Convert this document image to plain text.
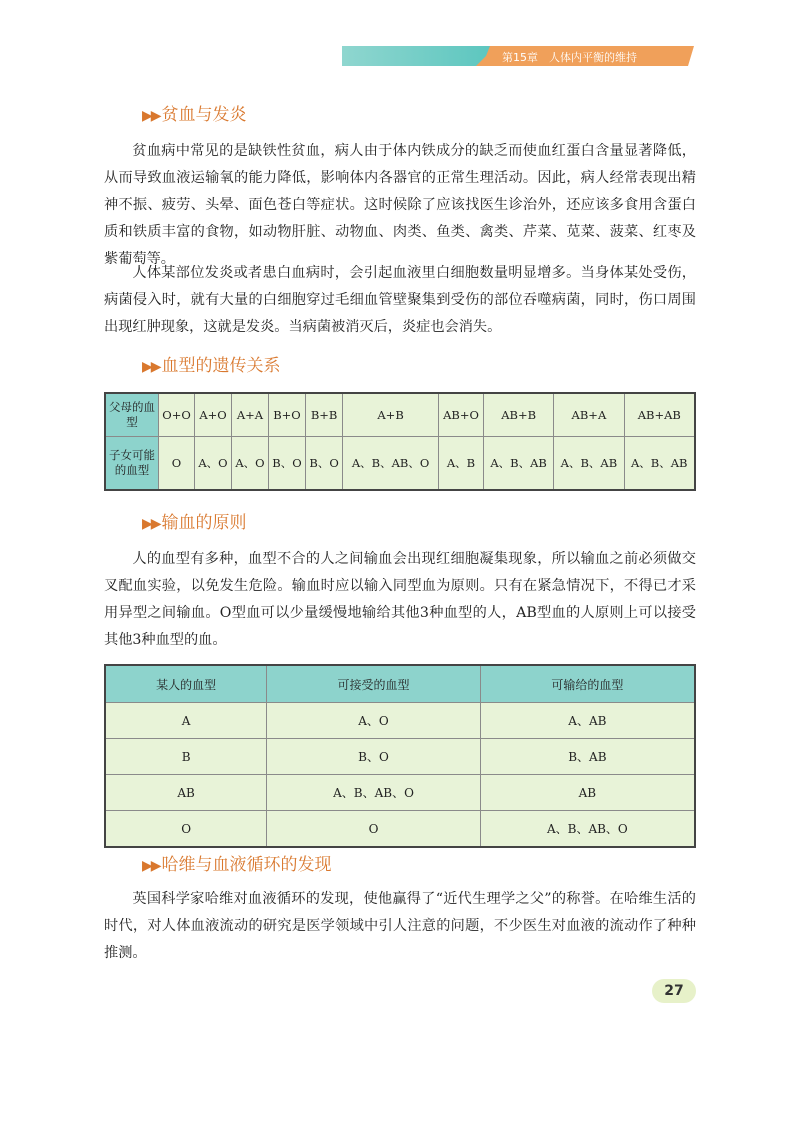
第15章　人体内平衡的维持
▶▶ 贫血与发炎

贫血病中常见的是缺铁性贫血，病人由于体内铁成分的缺乏而使血红蛋白含量显著降低，从而导致血液运输氧的能力降低，影响体内各器官的正常生理活动。因此，病人经常表现出精神不振、疲劳、头晕、面色苍白等症状。这时候除了应该找医生诊治外，还应该多食用含蛋白质和铁质丰富的食物，如动物肝脏、动物血、肉类、鱼类、禽类、芹菜、苋菜、菠菜、红枣及紫葡萄等。

人体某部位发炎或者患白血病时，会引起血液里白细胞数量明显增多。当身体某处受伤，病菌侵入时，就有大量的白细胞穿过毛细血管壁聚集到受伤的部位吞噬病菌，同时，伤口周围出现红肿现象，这就是发炎。当病菌被消灭后，炎症也会消失。

▶▶ 血型的遗传关系
父母的血型	O+O	A+O	A+A	B+O	B+B	A+B	AB+O	AB+B	AB+A	AB+AB
子女可能的血型	O	A、O	A、O	B、O	B、O	A、B、AB、O	A、B	A、B、AB	A、B、AB	A、B、AB
▶▶ 输血的原则

人的血型有多种，血型不合的人之间输血会出现红细胞凝集现象，所以输血之前必须做交叉配血实验，以免发生危险。输血时应以输入同型血为原则。只有在紧急情况下，不得已才采用异型之间输血。O型血可以少量缓慢地输给其他3种血型的人，AB型血的人原则上可以接受其他3种血型的血。

某人的血型	可接受的血型	可输给的血型
A	A、O	A、AB
B	B、O	B、AB
AB	A、B、AB、O	AB
O	O	A、B、AB、O
▶▶ 哈维与血液循环的发现

英国科学家哈维对血液循环的发现，使他赢得了“近代生理学之父”的称誉。在哈维生活的时代，对人体血液流动的研究是医学领域中引人注意的问题，不少医生对血液的流动作了种种推测。

27
